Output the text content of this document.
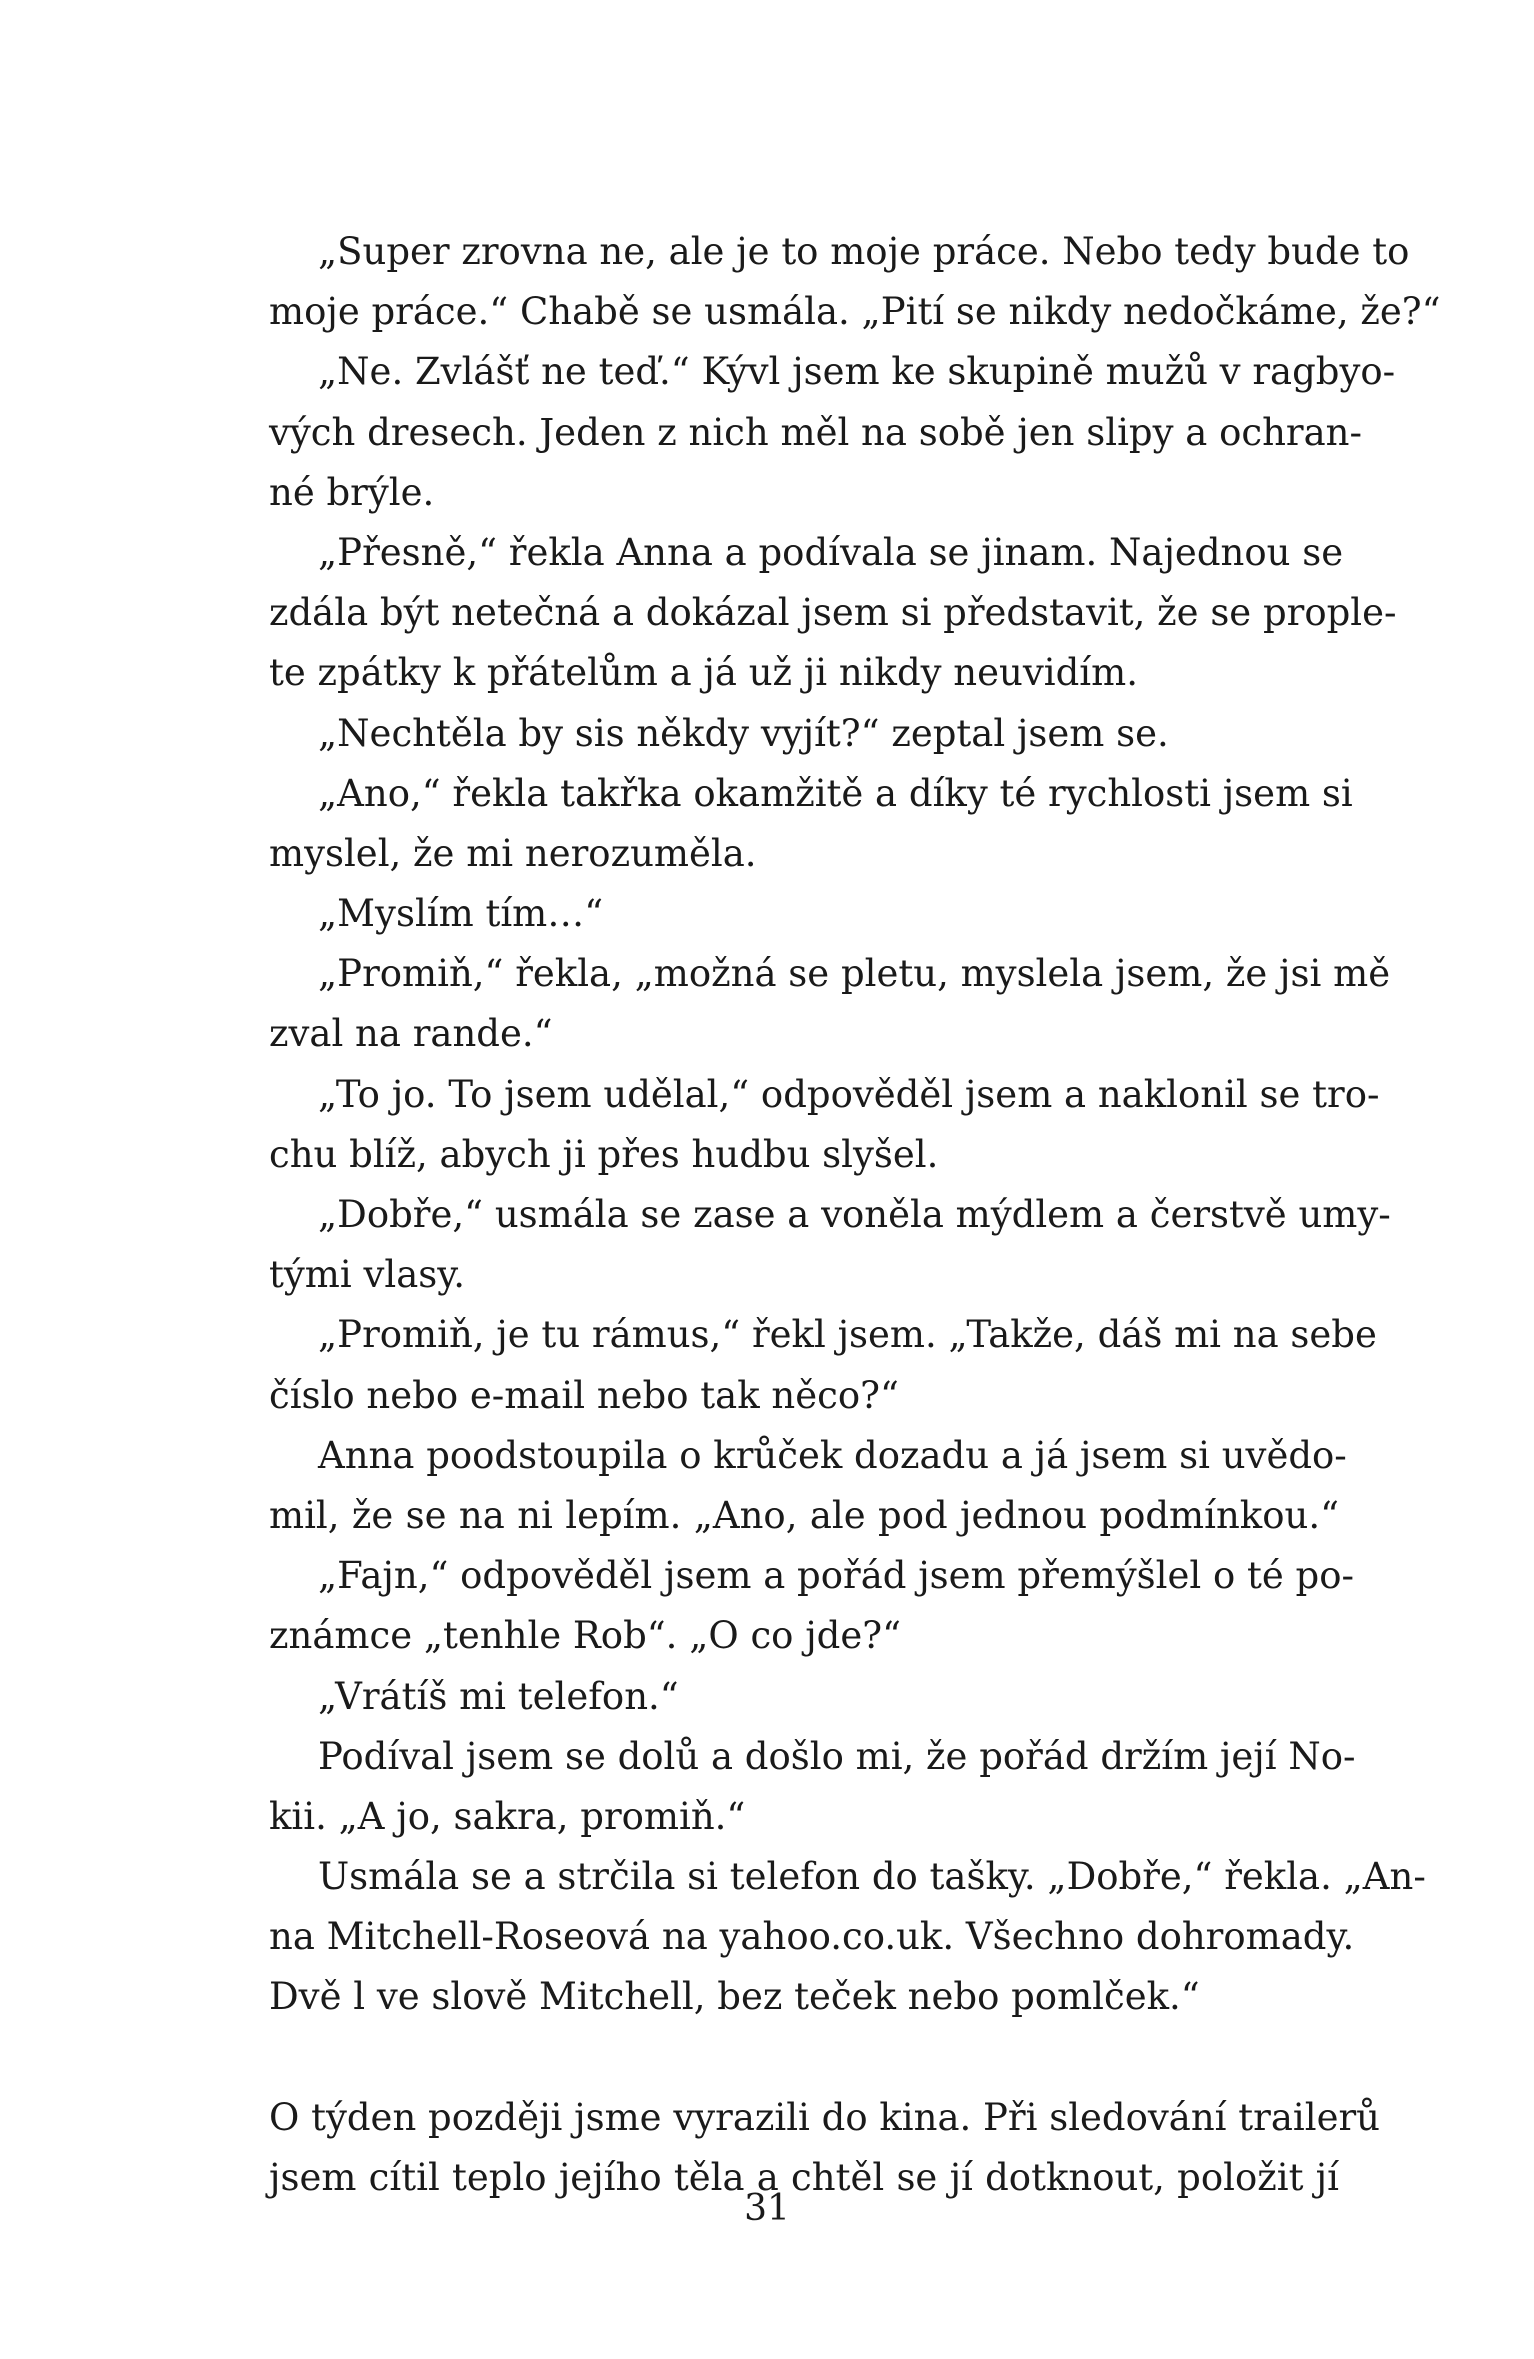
„Super zrovna ne, ale je to moje práce. Nebo tedy bude to
moje práce.“ Chabě se usmála. „Pití se nikdy nedočkáme, že?“
„Ne. Zvlášť ne teď.“ Kývl jsem ke skupině mužů v ragbyo-
vých dresech. Jeden z nich měl na sobě jen slipy a ochran-
né brýle.
„Přesně,“ řekla Anna a podívala se jinam. Najednou se
zdála být netečná a dokázal jsem si představit, že se prople-
te zpátky k přátelům a já už ji nikdy neuvidím.
„Nechtěla by sis někdy vyjít?“ zeptal jsem se.
„Ano,“ řekla takřka okamžitě a díky té rychlosti jsem si
myslel, že mi nerozuměla.
„Myslím tím…“
„Promiň,“ řekla, „možná se pletu, myslela jsem, že jsi mě
zval na rande.“
„To jo. To jsem udělal,“ odpověděl jsem a naklonil se tro-
chu blíž, abych ji přes hudbu slyšel.
„Dobře,“ usmála se zase a voněla mýdlem a čerstvě umy-
tými vlasy.
„Promiň, je tu rámus,“ řekl jsem. „Takže, dáš mi na sebe
číslo nebo e-mail nebo tak něco?“
Anna poodstoupila o krůček dozadu a já jsem si uvědo-
mil, že se na ni lepím. „Ano, ale pod jednou podmínkou.“
„Fajn,“ odpověděl jsem a pořád jsem přemýšlel o té po-
známce „tenhle Rob“. „O co jde?“
„Vrátíš mi telefon.“
Podíval jsem se dolů a došlo mi, že pořád držím její No-
kii. „A jo, sakra, promiň.“
Usmála se a strčila si telefon do tašky. „Dobře,“ řekla. „An-
na Mitchell-Roseová na yahoo.co.uk. Všechno dohromady.
Dvě l ve slově Mitchell, bez teček nebo pomlček.“
O týden později jsme vyrazili do kina. Při sledování trailerů
jsem cítil teplo jejího těla a chtěl se jí dotknout, položit jí
31
